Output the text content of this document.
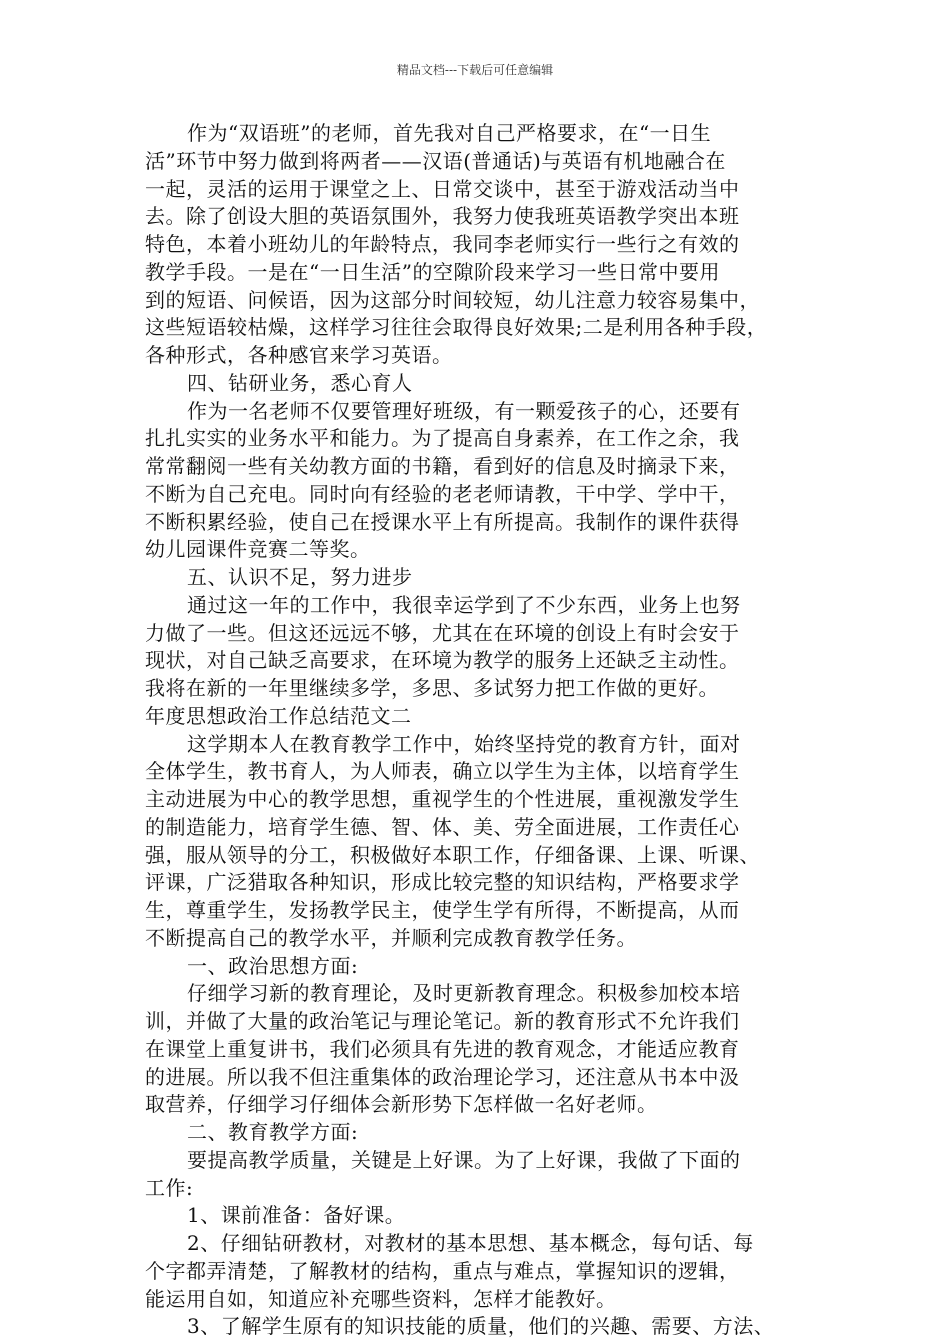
精品文档---下载后可任意编辑
作为“双语班”的老师，首先我对自己严格要求，在“一日生
活”环节中努力做到将两者——汉语(普通话)与英语有机地融合在
一起，灵活的运用于课堂之上、日常交谈中，甚至于游戏活动当中
去。除了创设大胆的英语氛围外，我努力使我班英语教学突出本班
特色，本着小班幼儿的年龄特点，我同李老师实行一些行之有效的
教学手段。一是在“一日生活”的空隙阶段来学习一些日常中要用
到的短语、问候语，因为这部分时间较短，幼儿注意力较容易集中，
这些短语较枯燥，这样学习往往会取得良好效果;二是利用各种手段，
各种形式，各种感官来学习英语。
四、钻研业务，悉心育人
作为一名老师不仅要管理好班级，有一颗爱孩子的心，还要有
扎扎实实的业务水平和能力。为了提高自身素养，在工作之余，我
常常翻阅一些有关幼教方面的书籍，看到好的信息及时摘录下来，
不断为自己充电。同时向有经验的老老师请教，干中学、学中干，
不断积累经验，使自己在授课水平上有所提高。我制作的课件获得
幼儿园课件竞赛二等奖。
五、认识不足，努力进步
通过这一年的工作中，我很幸运学到了不少东西，业务上也努
力做了一些。但这还远远不够，尤其在在环境的创设上有时会安于
现状，对自己缺乏高要求，在环境为教学的服务上还缺乏主动性。
我将在新的一年里继续多学，多思、多试努力把工作做的更好。
年度思想政治工作总结范文二
这学期本人在教育教学工作中，始终坚持党的教育方针，面对
全体学生，教书育人，为人师表，确立以学生为主体，以培育学生
主动进展为中心的教学思想，重视学生的个性进展，重视激发学生
的制造能力，培育学生德、智、体、美、劳全面进展，工作责任心
强，服从领导的分工，积极做好本职工作，仔细备课、上课、听课、
评课，广泛猎取各种知识，形成比较完整的知识结构，严格要求学
生，尊重学生，发扬教学民主，使学生学有所得，不断提高，从而
不断提高自己的教学水平，并顺利完成教育教学任务。
一、政治思想方面:
仔细学习新的教育理论，及时更新教育理念。积极参加校本培
训，并做了大量的政治笔记与理论笔记。新的教育形式不允许我们
在课堂上重复讲书，我们必须具有先进的教育观念，才能适应教育
的进展。所以我不但注重集体的政治理论学习，还注意从书本中汲
取营养，仔细学习仔细体会新形势下怎样做一名好老师。
二、教育教学方面:
要提高教学质量，关键是上好课。为了上好课，我做了下面的
工作:
1、课前准备：备好课。
2、仔细钻研教材，对教材的基本思想、基本概念，每句话、每
个字都弄清楚，了解教材的结构，重点与难点，掌握知识的逻辑，
能运用自如，知道应补充哪些资料，怎样才能教好。
3、了解学生原有的知识技能的质量，他们的兴趣、需要、方法、
